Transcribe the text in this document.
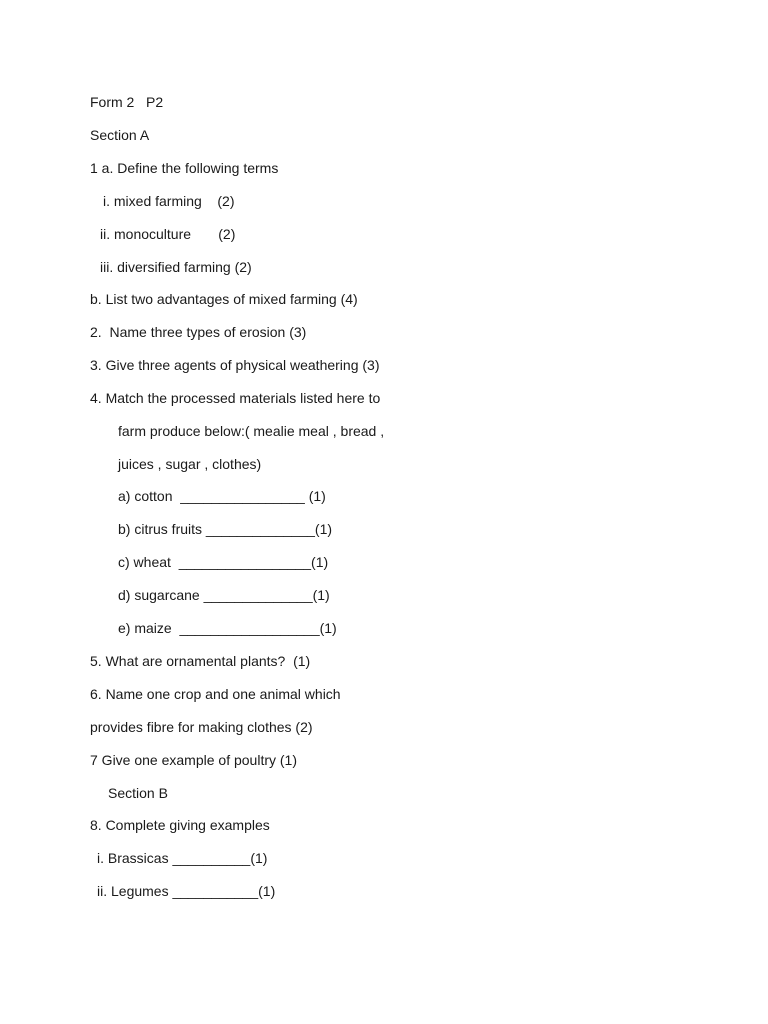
Form 2   P2
Section A
1 a. Define the following terms
i. mixed farming    (2)
ii. monoculture       (2)
iii. diversified farming (2)
b. List two advantages of mixed farming (4)
2.  Name three types of erosion (3)
3. Give three agents of physical weathering (3)
4. Match the processed materials listed here to
farm produce below:( mealie meal , bread ,
juices , sugar , clothes)
a) cotton  ________________ (1)
b) citrus fruits ______________(1)
c) wheat  _________________(1)
d) sugarcane ______________(1)
e) maize  __________________(1)
5. What are ornamental plants?  (1)
6. Name one crop and one animal which
provides fibre for making clothes (2)
7 Give one example of poultry (1)
Section B
8. Complete giving examples
i. Brassicas __________(1)
ii. Legumes ___________(1)
